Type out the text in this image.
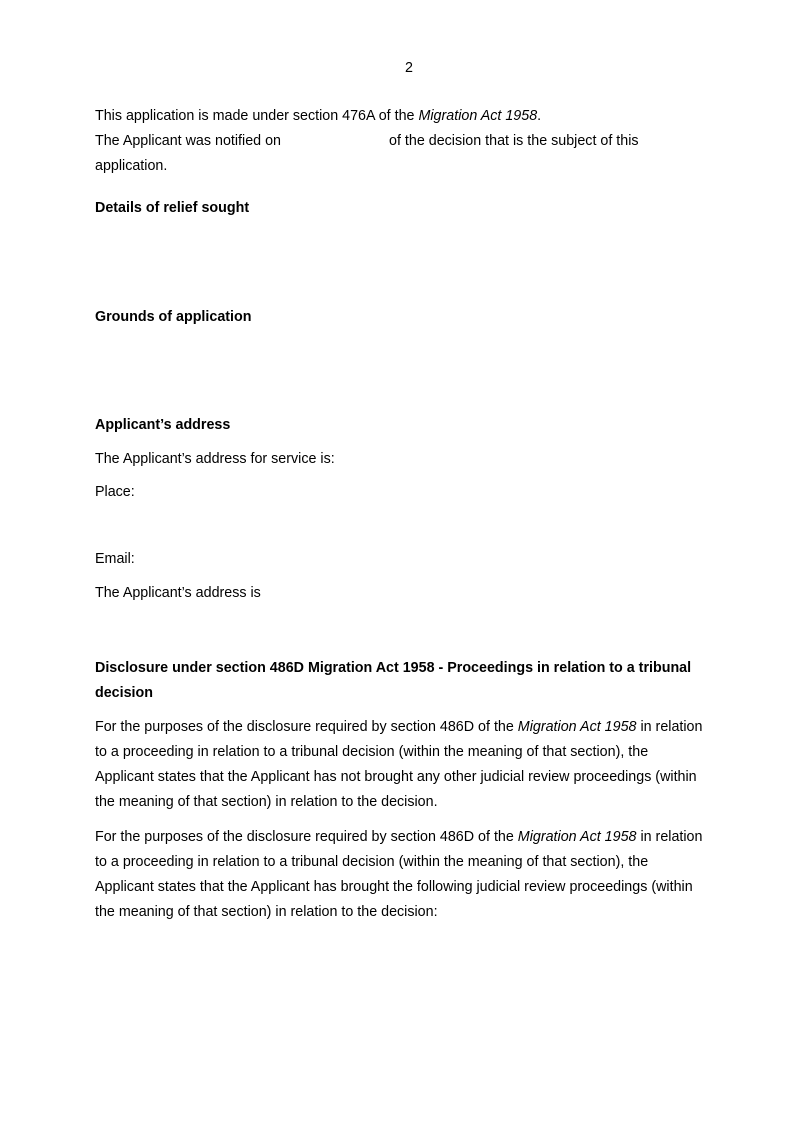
2
This application is made under section 476A of the Migration Act 1958.
The Applicant was notified on	of the decision that is the subject of this
application.
Details of relief sought
Grounds of application
Applicant’s address
The Applicant’s address for service is:
Place:
Email:
The Applicant’s address is
Disclosure under section 486D Migration Act 1958 - Proceedings in relation to a tribunal
decision
For the purposes of the disclosure required by section 486D of the Migration Act 1958 in relation
to a proceeding in relation to a tribunal decision (within the meaning of that section), the
Applicant states that the Applicant has not brought any other judicial review proceedings (within
the meaning of that section) in relation to the decision.
For the purposes of the disclosure required by section 486D of the Migration Act 1958 in relation
to a proceeding in relation to a tribunal decision (within the meaning of that section), the
Applicant states that the Applicant has brought the following judicial review proceedings (within
the meaning of that section) in relation to the decision:
